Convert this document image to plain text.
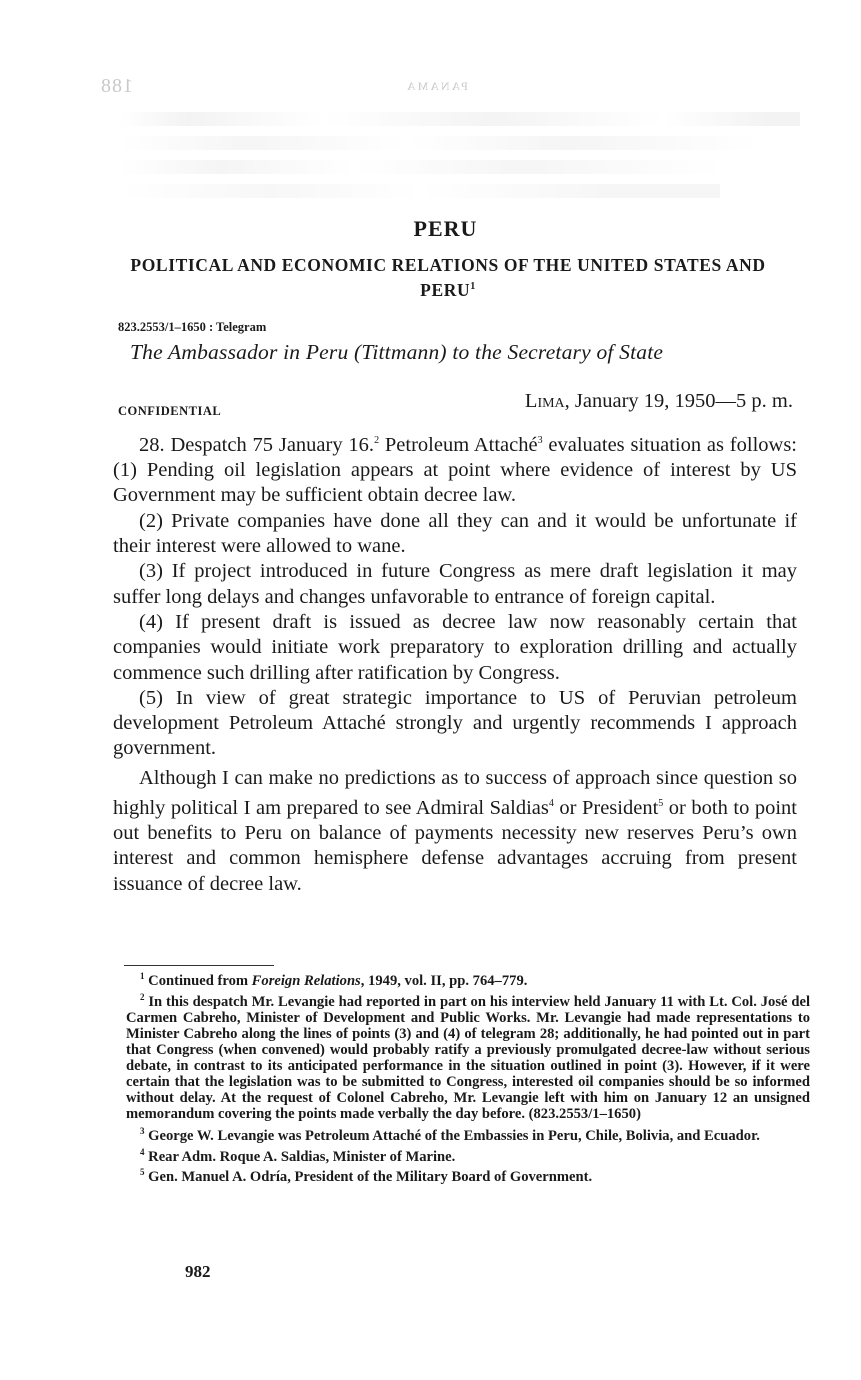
188	PANAMA
PERU
POLITICAL AND ECONOMIC RELATIONS OF THE UNITED STATES AND PERU$^1$
823.2553/1–1650 : Telegram
The Ambassador in Peru (Tittmann) to the Secretary of State
CONFIDENTIAL	Lima, January 19, 1950—5 p. m.

28. Despatch 75 January 16.$^2$ Petroleum Attaché$^3$ evaluates situation as follows: (1) Pending oil legislation appears at point where evidence of interest by US Government may be sufficient obtain decree law.

(2) Private companies have done all they can and it would be unfortunate if their interest were allowed to wane.

(3) If project introduced in future Congress as mere draft legislation it may suffer long delays and changes unfavorable to entrance of foreign capital.

(4) If present draft is issued as decree law now reasonably certain that companies would initiate work preparatory to exploration drilling and actually commence such drilling after ratification by Congress.

(5) In view of great strategic importance to US of Peruvian petroleum development Petroleum Attaché strongly and urgently recommends I approach government.

Although I can make no predictions as to success of approach since question so highly political I am prepared to see Admiral Saldias$^4$ or President$^5$ or both to point out benefits to Peru on balance of payments necessity new reserves Peru’s own interest and common hemisphere defense advantages accruing from present issuance of decree law.

$^1$ Continued from Foreign Relations, 1949, vol. II, pp. 764–779.

$^2$ In this despatch Mr. Levangie had reported in part on his interview held January 11 with Lt. Col. José del Carmen Cabreho, Minister of Development and Public Works. Mr. Levangie had made representations to Minister Cabreho along the lines of points (3) and (4) of telegram 28; additionally, he had pointed out in part that Congress (when convened) would probably ratify a previously promulgated decree-law without serious debate, in contrast to its anticipated performance in the situation outlined in point (3). However, if it were certain that the legislation was to be submitted to Congress, interested oil companies should be so informed without delay. At the request of Colonel Cabreho, Mr. Levangie left with him on January 12 an unsigned memorandum covering the points made verbally the day before. (823.2553/1–1650)

$^3$ George W. Levangie was Petroleum Attaché of the Embassies in Peru, Chile, Bolivia, and Ecuador.

$^4$ Rear Adm. Roque A. Saldias, Minister of Marine.

$^5$ Gen. Manuel A. Odría, President of the Military Board of Government.

982
